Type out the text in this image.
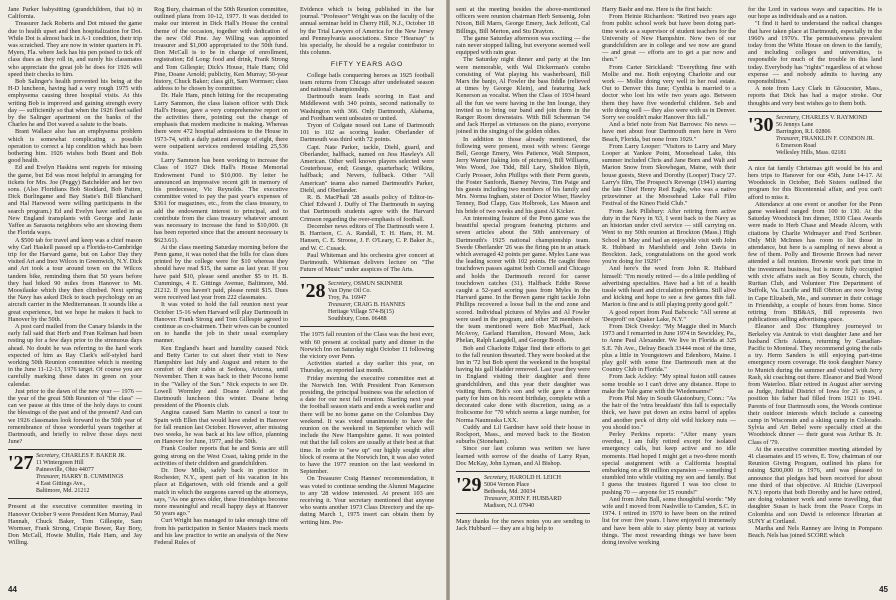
Jane Parker babysitting (grandchildren, that is) in California.

Treasurer Jack Roberts and Dot missed the game due to health upset and then hospitalization for Dot. While Dot is almost back in A-1 condition, their trip was scratched. They are now in winter quarters in Ft. Myers, Fla. where Jack has his pen poised to tick off class dues as they roll in, and surely his classmates who appreciate the great job he does for 1926 will speed their checks to him.

Bob Salinger's health prevented his being at the H-D luncheon, having had a very rough 1975 with emphysema causing three hospital visits. At this writing Bob is improved and gaining strength every day — sufficiently so that when the 1926 fleet sailed by the Salinger apartment on the banks of the Charles he and Dot waved a salute to the boats.

Brant Wallace also has an emphysema problem which is somewhat complicating a possible operation to correct a hip condition which has been bothering him. 1926 wishes both Brant and Bob good health.

Ed and Evelyn Haskins sent regrets for missing the game, but Ed was most helpful in arranging for tickets for Mrs. Joe (Peggy) Batchelder and her two sons. (Also Floridians Bob Stoddard, Bob Patten, Dick Burlingame and Bay Statie's Bill Blanchard and Hal Harwood were willing participants in the search program.) Ed and Evelyn have settled in as New England transplants with George and Janie Yaffee as Sarasota neighbors who are showing them the Florida ways.

A $500 tab for travel and keep was a chief reason why Carl Haskell passed up a Florida-to-Cambridge trip for the Harvard game, but on Labor Day they visited Art and Inez Wilcox in Greenwich, N.Y. Dick and Art took a tour around town on the Wilcox tandem bike, reminding them that 50 years before they had biked 90 miles from Hanover to Mt. Moosilauke which they then climbed. Next spring the Navy has asked Dick to teach psychology on an aircraft carrier in the Mediterranean. It sounds like a great experience, but we hope he makes it back to Hanover by the 50th.

A post card mailed from the Canary Islands in the early fall said that Herb and Fran Kelman had been resting up for a few days prior to the strenuous days ahead. No doubt he was referring to the hard work expected of him as Ray Clark's self-styled hard working 50th Reunion committee which is meeting in the June 11-12-13, 1976 target. Of course you are carefully marking these dates in green on your calendar.

Just prior to the dawn of the new year — 1976 — the year of the great 50th Reunion of "the class" — can we pause at this time of the holy days to count the blessings of the past and of the present? And can we 1926 classmates look forward to the 50th year of remembrance of those wonderful years together at Dartmouth, and briefly to relive those days next June?

'27 Secretary, CHARLES F. BAKER JR.
11 Wintergreen Hill
Painesville, Ohio 44077
Treasurer, HARRY B. CUMMINGS
4 East Gittings Ave.,
Baltimore, Md. 21212

Present at the executive committee meeting in Hanover October 9 were President Ken Murray, Paul Hannah, Chuck Baker, Tom Gillespie, Sam Wormser, Frank Strong, Crispie Bower, Ray Bory, Don McCall, Howie Mullin, Hale Ham, and Jay Willing.

Rog Bury, chairman of the 50th Reunion committee, outlined plans from 10-12, 1977. It was decided to make our interest in Dick Hall's House the central theme of the occasion, together with dedication of the new Old Pine. Jay Willing was appointed treasurer and $1,000 appropriated to the 50th fund. Don McCall is to be in charge of enrollment, registration; Ed Long: food and drink, Frank Strong and Tom Gillespie; Dick's House, Hale Ham; Old Pine, Doane Arnold; publicity, Ken Murray; 50-year history, Chuck Baker; class gift, Sam Wormser; class address to be chosen by committee.

Dr. Hale Ham, pinch hitting for the recuperating Larry Sammon, the class liaison officer with Dick Hall's House, gave a very comprehensive report on the activities there, pointing out the change of emphasis that modern medicine is making. Whereas there were 472 hospital admissions to the House in 1973-74, with a daily patient average of eight, there were outpatient services rendered totalling 25,536 visits.

Larry Sammon has been working to increase the Class of 1927 Dick Hall's House Memorial Endowment Fund to $10,000. By letter he announced an impressive recent gift in memory of his predecessor, Vic Reynolds. The executive committee voted to pay the past year's expenses of $361 for magazines, etc., from the class treasury, to add the endowment interest to principal, and to contribute from the class treasury whatever amount was necessary to increase the fund to $10,000. (It has been reported since that the amount necessary is $623.61).

At the class meeting Saturday morning before the Penn game, it was noted that the bills for class dues printed by the college were for $10 whereas they should have read $15, the same as last year. If you have paid $10, please send another $5 to H. B. Cummings, 4 E. Gittings Avenue, Baltimore, Md. 21212. If you haven't paid, please remit $15. Dues were received last year from 222 classmates.

It was voted to hold the fall reunion next year October 15-16 when Harvard will play Dartmouth in Hanover. Frank Strong and Tom Gillespie agreed to continue as co-chairmen. Their wives can be counted on to handle the job in their usual exemplary manner.

Ken England's heart and humility caused Nick and Betty Carter to cut short their visit to New Hampshire last July and August and return to the comfort of their cabin at Sedona, Arizona, until November. Then it was back to their Pocono home in the "Valley of the Sun." Nick expects to see Dr. Lowell Wormley and Doane Arnold at the Dartmouth luncheon this winter. Doane being president of the Phoenix club.

Angina caused Sam Martin to cancel a tour to Spain with Ellen that would have ended in Hanover for fall reunion last October. However, after missing two weeks, he was back at his law office, planning on Hanover for June, 1977, and the 50th.

Frank Coulter reports that he and Sonia are still going strong on the West Coast, taking pride in the activities of their children and grandchildren.

Dr. Dow Mills, safely back in practice in Rochester, N.Y., spent part of his vacation in his place at Edgartown, with old friends and a golf match in which the surgeons carved up the attorneys, says, "As one grows older, these friendships become more meaningful and recall happy days at Hanover 50 years ago."

Curt Wright has managed to take enough time off from his participation in Senior Masters track meets and his law practice to write an analysis of the New Federal Rules of

Evidence which is being published in the bar journal. "Professor" Wright was on the faculty of the annual seminar held in Cherry Hill, N.J., October 18 by the Trial Lawyers of America for the New Jersey and Pennsylvania associations. Since "Hearsay" is his specialty, he should be a regular contributor to this column.

FIFTY YEARS AGO

College hails conquering heroes as 1925 football team returns from Chicago after undefeated season and national championship.

Dartmouth team leads scoring in East and Middlewest with 340 points, second nationally to Washington with 366. Only Dartmouth, Alabama, and Fordham went unbeaten or untied.

Tryon of Colgate nosed out Lane of Dartmouth 101 to 102 as scoring leader. Oberlander of Dartmouth was third with 72 points.

Capt. Nate Parker, tackle, Diehl, guard, and Oberlander, halfback, named on Jess Hawley's All American. Other well known players selected were Couterhouse, end; Grange, quarterback; Wilkins, halfback; and Nevers, fullback. Other "All American" teams also named Dartmouth's Parker, Diehl, and Oberlander.

R. B. MacPhail '28 assails policy of Editor-in-Chief Edward J. Duffy of The Dartmouth in saying that Dartmouth students agree with the Harvard Crimson regarding the over-emphasis of football.

December news editors of The Dartmouth were J. B. Harrison, C. A. Randall, T. H. Ham, H. M. Hansen, C. E. Stroose, J. F. O'Leary, C. P. Baker Jr., and W. C. Cusack.

Paul Whiteman and his orchestra give concert at Dartmouth. Whiteman delivers lecture on "The Future of Music" under auspices of The Arts.

'28 Secretary, OSMUN SKINNER
Van Dyne Oil Co.
Troy, Pa. 16947
Treasurer, CRAIG B. HANNES
Heritage Village 574-B(15)
Southbury, Conn. 06488

The 1975 fall reunion of the Class was the best ever, with 60 present at cocktail party and dinner in the Norwich Inn on Saturday night October 11 following the victory over Penn.

Activities started a day earlier this year, on Thursday, as reported last month.

Friday morning the executive committee met at the Norwich Inn. With President Fran Kenerson presiding, the principal business was the selection of a date for our next fall reunion. Starting next year the football season starts and ends a week earlier and there will be no home game on the Columbus Day weekend. It was voted unanimously to have the reunion on the weekend in September which will include the New Hampshire game. It was pointed out that the fall colors are usually at their best at that time. In order to "sew up" our highly sought after block of rooms at the Norwich Inn, it was also voted to have the 1977 reunion on the last weekend in September.

On Treasurer Craig Hannes' recommendation, it was voted to continue sending the Alumni Magazine to any '28 widow interested. At present 103 are receiving it. Your secretary mentioned that anyone who wants another 1973 Class Directory and the up-dating March 1, 1975 insert can obtain them by writing him. Pre-

44

sent at the meeting besides the above-mentioned officers were reunion chairman Herb Sensenig, John Nixon, Bill Marrs, George Emery, Jack Jeffcott, Cal Billings, Bill Merton, and Stu Drayton.

The game Saturday afternoon was exciting — the rain never stopped falling, but everyone seemed well equipped with rain gear.

The Saturday night dinner and party at the Inn were memorable, with Wal Dickerman's combo consisting of Wat playing his washerboard, Bill Marx the banjo, Al Fowler the bass fiddle (relieved at times by George Klein), and featuring Jack Kenerson as vocalist. When the Class of 1934 heard all the fun we were having in the Inn lounge, they invited us to bring our band and join them in the Ranger Room downstairs. With Bill Schenman '34 and Jack Herpel as virtuosos on the piano, everyone joined in the singing of the golden oldies.

In addition to those already mentioned, the following were present, most with wives: George Bell, George Emery, Wes Patience, Walt Simpson, Jerry Warner (taking lots of pictures), Bill Williams, Wes Wood, Joe Tidd, Bill Lary, Sheldon Blyth, Curly Prosser, John Phillips with their Perm guests, the Foster Sanfords, Barney Nevins, Tim Paige and his guests including two members of his family and Mrs. Norma Ingham, sister of Doctor Wiser, Hawley Tenney, Bud Clapp, Gus Holbrook, Les Mason and his bride of two weeks and his guest Al Kicker.

An interesting feature of the Penn game was the beautiful special program featuring pictures and seven articles about the 50th anniversary of Dartmouth's 1925 national championship team. Swede Oberlander '26 was the firing pin in an attack which averaged 42 points per game. Myles Lane was the leading scorer with 102 points. He caught three touchdown passes against both Cornell and Chicago and holds the Dartmouth record for career touchdown catches (31). Halfback Eddie Reese caught a 52-yard scoring pass from Myles in the Harvard game. In the Brown game right tackle John Phillips recovered a loose ball in the end zone and scored. Individual pictures of Myles and Al Fowler were used in the program, and other '28 members of the team mentioned were Bob MacPhail, Jack McAvoy, Garland Hamilton, Howard Moss, Jack Phelan, Ralph Langdell, and George Booth.

Bob and Charlotte Edgar find their efforts to get to the fall reunion thwarted. They were booked at the Inn in '72 but Bob spent the weekend in the hospital having his gall bladder removed. Last year they were in England visiting their daughter and three grandchildren, and this year their daughter was visiting them. Bob's son and wife gave a dinner party for him on his recent birthday, complete with a decorated cake done with discretion, using as a frolicsome for "70 which seems a large number, for Norma Naumuska LXX.

Cuddy and Lil Gardner have sold their house in Rockport, Mass., and moved back to the Boston suburbs (Stoneham).

Since our last column was written we have learned with sorrow of the deaths of Larry Ryan, Doc McKay, John Lyman, and Al Bishop.

'29 Secretary, HAROLD H. LEICH
5004 Vernon Place
Bethesda, Md. 20034
Treasurer, JOHN F. HUBBARD
Madison, N.J. 07940

Many thanks for the news notes you are sending to Jack Hubbard — they are a big help to

Harry Bashr and me. Here is the first batch:

From Heinie Richardson: "Retired two years ago from public school work but have been doing part-time work as a supervisor of student teachers for the University of New Hampshire. Now two of our grandchildren are in college and we now are grand — and great — efforts are to get a par now and then."

From Carter Strickland: "Everything fine with Mollie and me. Both enjoying Charlotte and our work — Mollie doing very well in her real estate. Out to Denver this June; Cynthia is married to a doctor who lost his wife two years ago. Between them they have five wonderful children. Seb and wife doing well — they also were with us in Denver. Sorry we couldn't make Hanover this fall."

And a brief note from Nat Barrows: No news — have met about four Dartmouth men here in Vero Beach, Florida, but none from 1929."

From Larry Looper: "Visitors to Larry and Mary Looper at Yankee Point, Moosehead Lake, this summer included Chris and Jane Born and Walt and Marion Snow from Skowhegan, Maine, with their house guests, Steve and Dorothy (Looper) Tracy '27. Larry's film, The Prospect's Revenge (1941) starring the late Chief Henry Red Eagle, who was a native prizewinner at the Moosehead Lake Fall Film Festival of the Kineo Field Club."

From Jack Pillsbury: After retiring from active duty in the Navy in '63, I went back to the Navy as an historian under civil service — still carrying on. Went to my 50th reunion at Brockton (Mass.) High School in May and had an enjoyable visit with John R. Hubbard in Marshfield and John Davis in Brockton. Jack, congratulations on the good work you're doing for 1929!"

And here's the word from John R. Hubbard himself: "I'm mostly retired — do a little peddling of advertising specialties. Have had a bit of a health tussle with heart and circulation problems. Still alive and kicking and hope to see a few games this fall. Marion is fine and is still playing pretty good golf."

A good report from Paul Babcock: "All serene at 'Deeproft' on Quaker Lake, N.Y."

From Dick Ovesky: "My Maggie died in March 1973 and I remarried in June 1974 in Sewickley, Pa., to Anne Paul Alexander. We live in Florida at 325 S.E. 7th Ave., Delray Beach 33444 most of the time, plus a little in Youngstown and Edenboro, Maine. I play golf with some fine Dartmouth men at the Country Club in Florida."

From Jack Ackley: "My spinal fusion still causes some trouble so I can't drive any distance. Hope to make the Yale game with the Wiedemanns!"

From Phil May in South Glastonbury, Conn.: "As the hair of the 'retra breakfasts' this fall is especially thick, we have put down an extra barrel of apples and another peck of dirty old wild hickory nuts — you should too."

Perley Perkins reports: "After many years overdue, I am fully retired except for isolated emergency calls, but keep active and no idle moments. Had hoped I might get a two-three month special assignment with a California hospital embarking on a $9 million expansion — something I stumbled into while visiting my son and family. But I guess the trustees figured I was too close to pushing 70 — anyone for 15 rounds!"

And from John Ball, some thoughtful words: "My wife and I moved from Nashville to Camden, S.C. in 1974. I retired in 1970 to have been on the retired list for over five years. I have enjoyed it immensely and have been able to stay plenty busy at various things. The most rewarding things we have been doing involve working

for the Lord in various ways and capacities. He is our hope as individuals and as a nation.

"I find it hard to understand the radical changes that have taken place at Dartmouth, especially in the 1960's and 1970's. The permissiveness prevalent today from the White House on down to the family, and including colleges and universities, is responsible for much of the trouble in this land today. Everybody has "rights" regardless of at whose expense — and nobody admits to having any responsibilities."

A note from Lacy Clark in Gloucester, Mass., reports that Dick has had a major stroke. Our thoughts and very best wishes go to them both.

'30 Secretary, CHARLES V. RAYMOND
56 Jennys Lane
Barrington, R.I. 02806
Treasurer, FRANKLIN F. CONDON JR.
6 Emerson Road
Wellesley Hills, Mass. 02181

A nice fat family Christmas gift would be his and hers trips to Hanover for our 45th, June 14-17. At Woodstock in October, Bob Sisters outlined the program for this Bicentennial affair, and you can't afford to miss it.

Attendance at one event or another for the Penn game weekend ranged from 100 to 130. At the Saturday Woodstock Inn dinner, 1930 Class Awards were made to Herb Chase and Meade Alcorn, with citations by Charlie Widmayer and Fred Scribner. Only Milt McInnes has room to list those in attendance, but here is a sampling of news about a few of them. Polly and Brownie Brown had never attended a fall reunion. Brownie work part time in the investment business, but is more fully occupied with civic affairs such as Boy Scouts, church, the Ruritan Club, and Volunteer Fire Department of Suffolk, Va. Lucille and Bill Obrion are now living in Cape Elizabeth, Me., and summer in their cottage in Friendship, a couple of hours from home. Since retiring from BB&AS, Bill represents two publications selling advertising space.

Eleanor and Doc Humphrey journeyed to Berkeley via Amtrak to visit daughter Jane and her husband Chris Adams, returning by Canadian-Pacific to Montreal. They recommend going the rails a try. Herm Sanders is still enjoying part-time emergency room coverage. He took daughter Nancy to Munich during the summer and visited with Jerry Rash, ski coaching out there. Eleanor and Bud Wood from Waterloo. Blair retired in August after serving as Judge, Juditial District of Iowa for 21 years, a position his father had filled from 1921 to 1941. Parents of four Dartmouth sons, the Woods continue their outdoor interests which include a canoeing camp in Wisconsin and a skiing camp in Colorado. Sylvia and Art Bebel were specially cited at the Woodstock dinner — their guest was Arthur B. Jr. Class of '79.

At the executive committee meeting attended by 41 classmates and 15 wives, E. Tow, chairman of our Reunion Giving Program, outlined his plans for raising $200,000 in 1976, and was pleased to announce that pledges had been received for about one third of that objective. Al Ritchie (Liverpool N.Y.) reports that both Dorothy and he have retired, are doing volunteer work and some travelling, that daughter Susan is back from the Peace Corps in Colombia and son David is reference librarian at SUNY at Cortland.

Martha and Nels Ranney are living in Pompano Beach. Nels has joined SCORE which

45
